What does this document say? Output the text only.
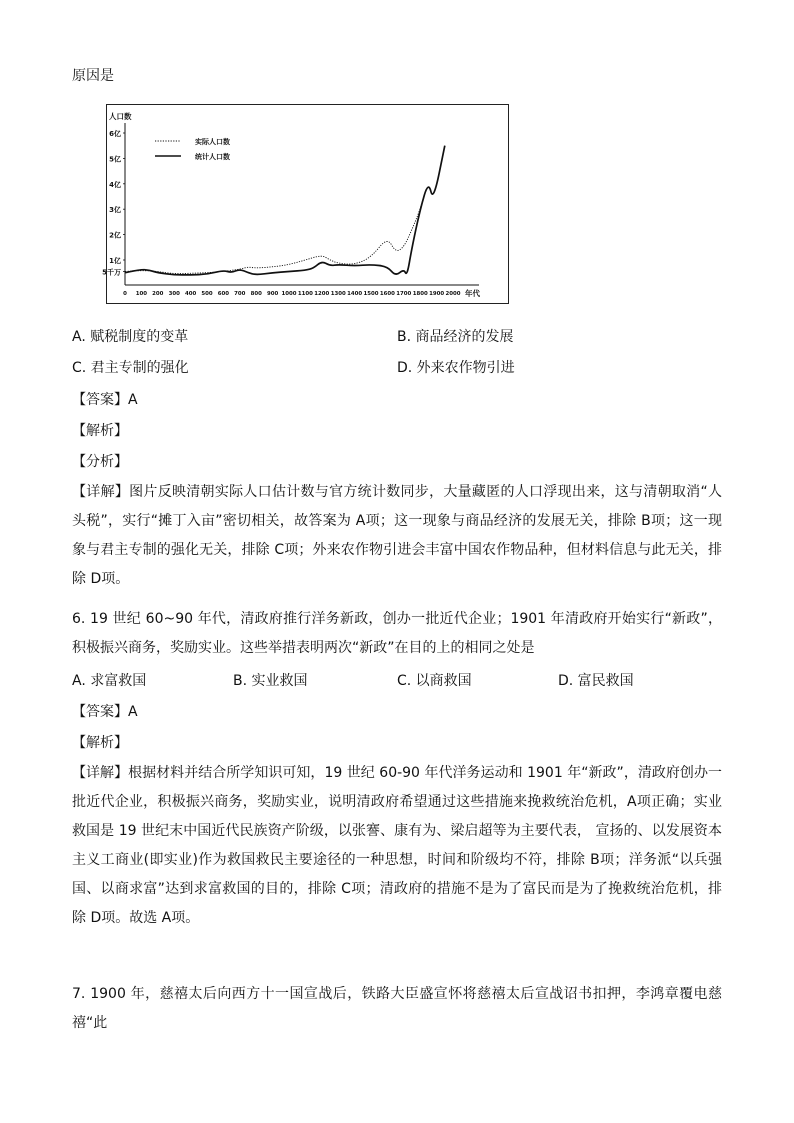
原因是
人口数
6亿
5亿
4亿
3亿
2亿
1亿
5千万
0 100 200 300 400 500 600 700 800 900 1000 1100 1200 1300 1400 1500 1600 1700 1800 1900 2000 年代
实际人口数
统计人口数
A. 赋税制度的变革	B. 商品经济的发展
C. 君主专制的强化	D. 外来农作物引进
【答案】A
【解析】
【分析】
【详解】图片反映清朝实际人口估计数与官方统计数同步，大量藏匿的人口浮现出来，这与清朝取消“人头税”，实行“摊丁入亩”密切相关，故答案为 A项；这一现象与商品经济的发展无关，排除 B项；这一现象与君主专制的强化无关，排除 C项；外来农作物引进会丰富中国农作物品种，但材料信息与此无关，排除 D项。
6. 19 世纪 60~90 年代，清政府推行洋务新政，创办一批近代企业；1901 年清政府开始实行“新政”，积极振兴商务，奖励实业。这些举措表明两次“新政”在目的上的相同之处是
A. 求富救国	B. 实业救国	C. 以商救国	D. 富民救国
【答案】A
【解析】
【详解】根据材料并结合所学知识可知，19 世纪 60-90 年代洋务运动和 1901 年“新政”，清政府创办一批近代企业，积极振兴商务，奖励实业，说明清政府希望通过这些措施来挽救统治危机，A项正确；实业救国是 19 世纪末中国近代民族资产阶级，以张謇、康有为、梁启超等为主要代表， 宣扬的、以发展资本主义工商业(即实业)作为救国救民主要途径的一种思想，时间和阶级均不符，排除 B项；洋务派“以兵强国、以商求富”达到求富救国的目的，排除 C项；清政府的措施不是为了富民而是为了挽救统治危机，排除 D项。故选 A项。
7. 1900 年，慈禧太后向西方十一国宣战后，铁路大臣盛宣怀将慈禧太后宣战诏书扣押，李鸿章覆电慈禧“此
